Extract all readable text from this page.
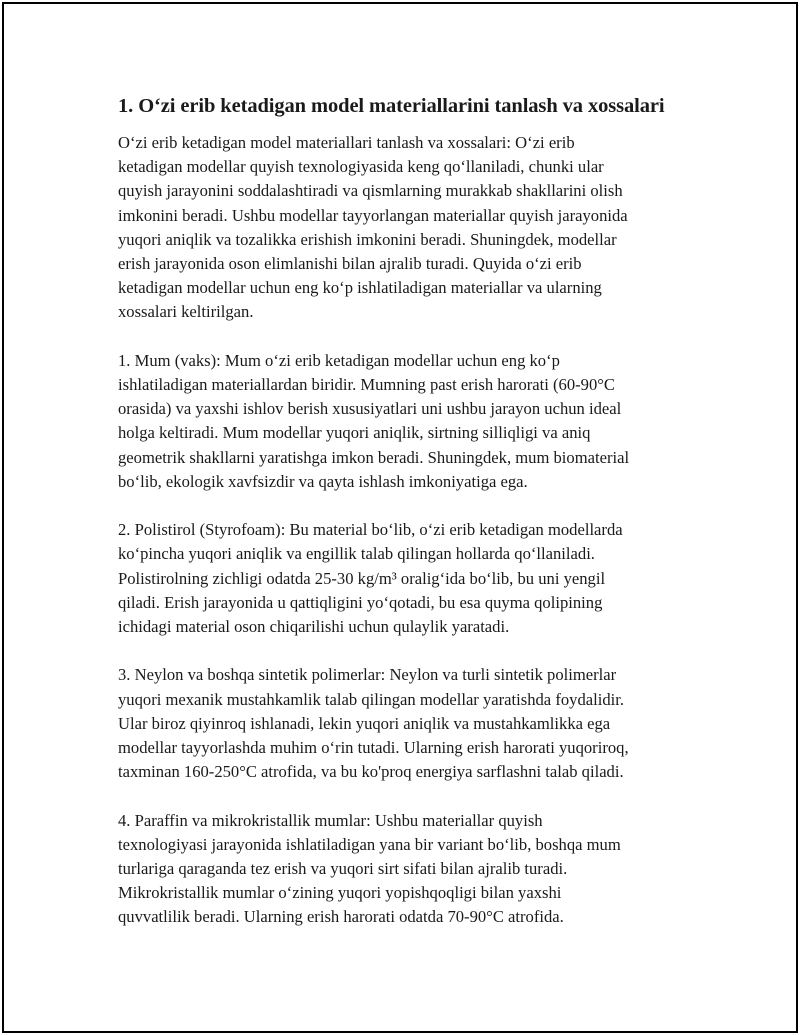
1. O‘zi erib ketadigan model materiallarini tanlash va xossalari

O‘zi erib ketadigan model materiallari tanlash va xossalari: O‘zi erib
ketadigan modellar quyish texnologiyasida keng qo‘llaniladi, chunki ular
quyish jarayonini soddalashtiradi va qismlarning murakkab shakllarini olish
imkonini beradi. Ushbu modellar tayyorlangan materiallar quyish jarayonida
yuqori aniqlik va tozalikka erishish imkonini beradi. Shuningdek, modellar
erish jarayonida oson elimlanishi bilan ajralib turadi. Quyida o‘zi erib
ketadigan modellar uchun eng ko‘p ishlatiladigan materiallar va ularning
xossalari keltirilgan.

1. Mum (vaks): Mum o‘zi erib ketadigan modellar uchun eng ko‘p
ishlatiladigan materiallardan biridir. Mumning past erish harorati (60-90°C
orasida) va yaxshi ishlov berish xususiyatlari uni ushbu jarayon uchun ideal
holga keltiradi. Mum modellar yuqori aniqlik, sirtning silliqligi va aniq
geometrik shakllarni yaratishga imkon beradi. Shuningdek, mum biomaterial
bo‘lib, ekologik xavfsizdir va qayta ishlash imkoniyatiga ega.

2. Polistirol (Styrofoam): Bu material bo‘lib, o‘zi erib ketadigan modellarda
ko‘pincha yuqori aniqlik va engillik talab qilingan hollarda qo‘llaniladi.
Polistirolning zichligi odatda 25-30 kg/m³ oralig‘ida bo‘lib, bu uni yengil
qiladi. Erish jarayonida u qattiqligini yo‘qotadi, bu esa quyma qolipining
ichidagi material oson chiqarilishi uchun qulaylik yaratadi.

3. Neylon va boshqa sintetik polimerlar: Neylon va turli sintetik polimerlar
yuqori mexanik mustahkamlik talab qilingan modellar yaratishda foydalidir.
Ular biroz qiyinroq ishlanadi, lekin yuqori aniqlik va mustahkamlikka ega
modellar tayyorlashda muhim o‘rin tutadi. Ularning erish harorati yuqoriroq,
taxminan 160-250°C atrofida, va bu ko'proq energiya sarflashni talab qiladi.

4. Paraffin va mikrokristallik mumlar: Ushbu materiallar quyish
texnologiyasi jarayonida ishlatiladigan yana bir variant bo‘lib, boshqa mum
turlariga qaraganda tez erish va yuqori sirt sifati bilan ajralib turadi.
Mikrokristallik mumlar o‘zining yuqori yopishqoqligi bilan yaxshi
quvvatlilik beradi. Ularning erish harorati odatda 70-90°C atrofida.
